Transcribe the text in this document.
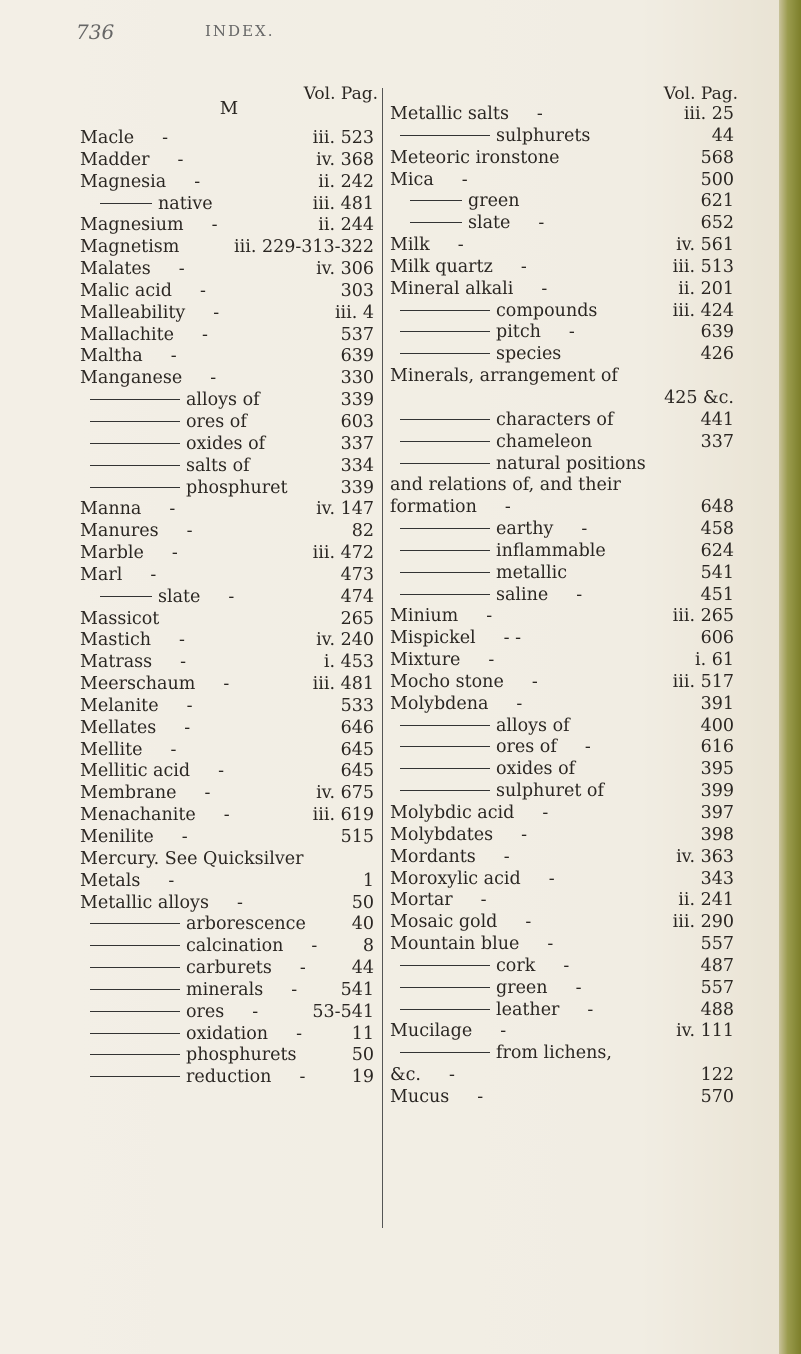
736	INDEX.
Vol. Pag.
M
Macle -	iii. 523
Madder -	iv. 368
Magnesia -	ii. 242
native	iii. 481
Magnesium -	ii. 244
Magnetism	iii. 229-313-322
Malates -	iv. 306
Malic acid -	303
Malleability -	iii. 4
Mallachite -	537
Maltha -	639
Manganese -	330
alloys of	339
ores of	603
oxides of	337
salts of	334
phosphuret	339
Manna -	iv. 147
Manures -	82
Marble -	iii. 472
Marl -	473
slate -	474
Massicot	265
Mastich -	iv. 240
Matrass -	i. 453
Meerschaum -	iii. 481
Melanite -	533
Mellates -	646
Mellite -	645
Mellitic acid -	645
Membrane -	iv. 675
Menachanite -	iii. 619
Menilite -	515
Mercury. See Quicksilver
Metals -	1
Metallic alloys -	50
arborescence	40
calcination -	8
carburets -	44
minerals - 541
ores -	53-541
oxidation -	11
phosphurets	50
reduction -	19
Vol. Pag.
Metallic salts -	iii. 25
sulphurets	44
Meteoric ironstone	568
Mica -	500
green	621
slate -	652
Milk -	iv. 561
Milk quartz -	iii. 513
Mineral alkali -	ii. 201
compounds	iii. 424
pitch -	639
species	426
Minerals, arrangement of
425 &c.
characters of	441
chameleon	337
natural positions
and relations of, and their
formation -	648
earthy -	458
inflammable	624
metallic	541
saline -	451
Minium -	iii. 265
Mispickel - -	606
Mixture -	i. 61
Mocho stone -	iii. 517
Molybdena -	391
alloys of	400
ores of -	616
oxides of	395
sulphuret of	399
Molybdic acid -	397
Molybdates -	398
Mordants -	iv. 363
Moroxylic acid -	343
Mortar -	ii. 241
Mosaic gold -	iii. 290
Mountain blue -	557
cork -	487
green -	557
leather -	488
Mucilage -	iv. 111
from lichens,
&c. -	122
Mucus -	570
